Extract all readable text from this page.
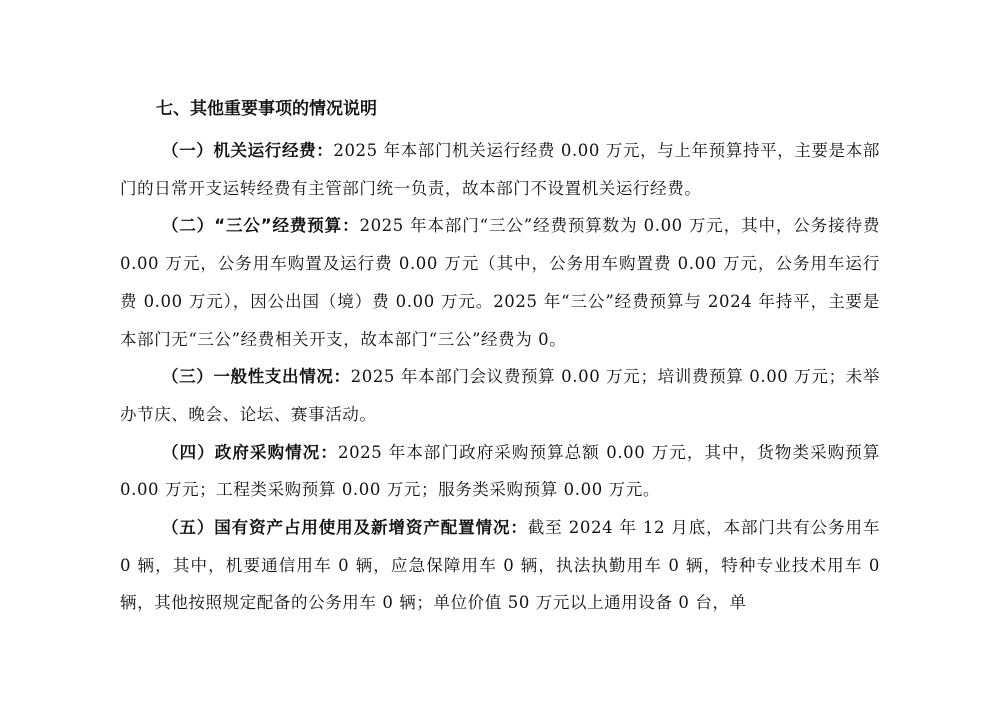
七、其他重要事项的情况说明

（一）机关运行经费：2025 年本部门机关运行经费 0.00 万元，与上年预算持平，主要是本部门的日常开支运转经费有主管部门统一负责，故本部门不设置机关运行经费。

（二）“三公”经费预算：2025 年本部门“三公”经费预算数为 0.00 万元，其中，公务接待费 0.00 万元，公务用车购置及运行费 0.00 万元（其中，公务用车购置费 0.00 万元，公务用车运行费 0.00 万元），因公出国（境）费 0.00 万元。2025 年“三公”经费预算与 2024 年持平，主要是本部门无“三公”经费相关开支，故本部门“三公”经费为 0。

（三）一般性支出情况：2025 年本部门会议费预算 0.00 万元；培训费预算 0.00 万元；未举办节庆、晚会、论坛、赛事活动。

（四）政府采购情况：2025 年本部门政府采购预算总额 0.00 万元，其中，货物类采购预算 0.00 万元；工程类采购预算 0.00 万元；服务类采购预算 0.00 万元。

（五）国有资产占用使用及新增资产配置情况：截至 2024 年 12 月底，本部门共有公务用车 0 辆，其中，机要通信用车 0 辆，应急保障用车 0 辆，执法执勤用车 0 辆，特种专业技术用车 0 辆，其他按照规定配备的公务用车 0 辆；单位价值 50 万元以上通用设备 0 台，单
